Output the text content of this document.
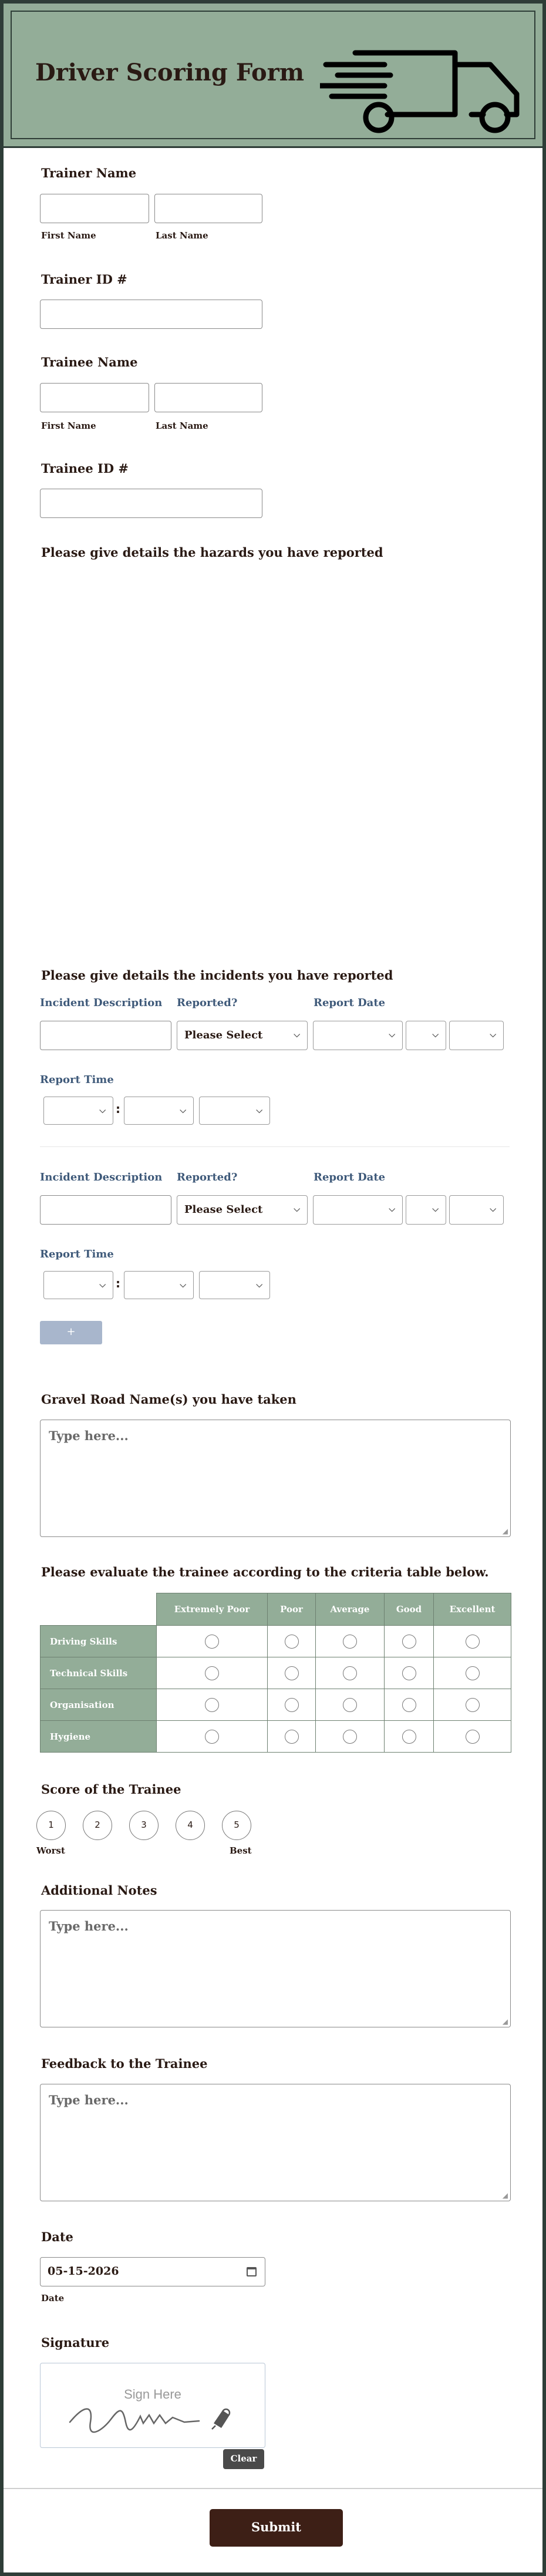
Driver Scoring Form
Trainer Name
First Name	Last Name
Trainer ID #
Trainee Name
First Name	Last Name
Trainee ID #
Please give details the hazards you have reported
Please give details the incidents you have reported
Incident Description Reported?	Report Date
Please Select	⌵	⌵	⌵	⌵
Report Time
⌵ :	⌵	⌵
Incident Description Reported?	Report Date
Please Select	⌵	⌵	⌵	⌵
Report Time
⌵ :	⌵	⌵
+
Gravel Road Name(s) you have taken
Type here...
◢
Please evaluate the trainee according to the criteria table below.
	Extremely Poor	Poor	Average	Good	Excellent
Driving Skills					
Technical Skills					
Organisation					
Hygiene					
Score of the Trainee
1	2	3	4	5
Worst	Best
Additional Notes
Type here...
◢
Feedback to the Trainee
Type here...
◢
Date
05-15-2026
Date
Signature
Sign Here
Clear
Submit
